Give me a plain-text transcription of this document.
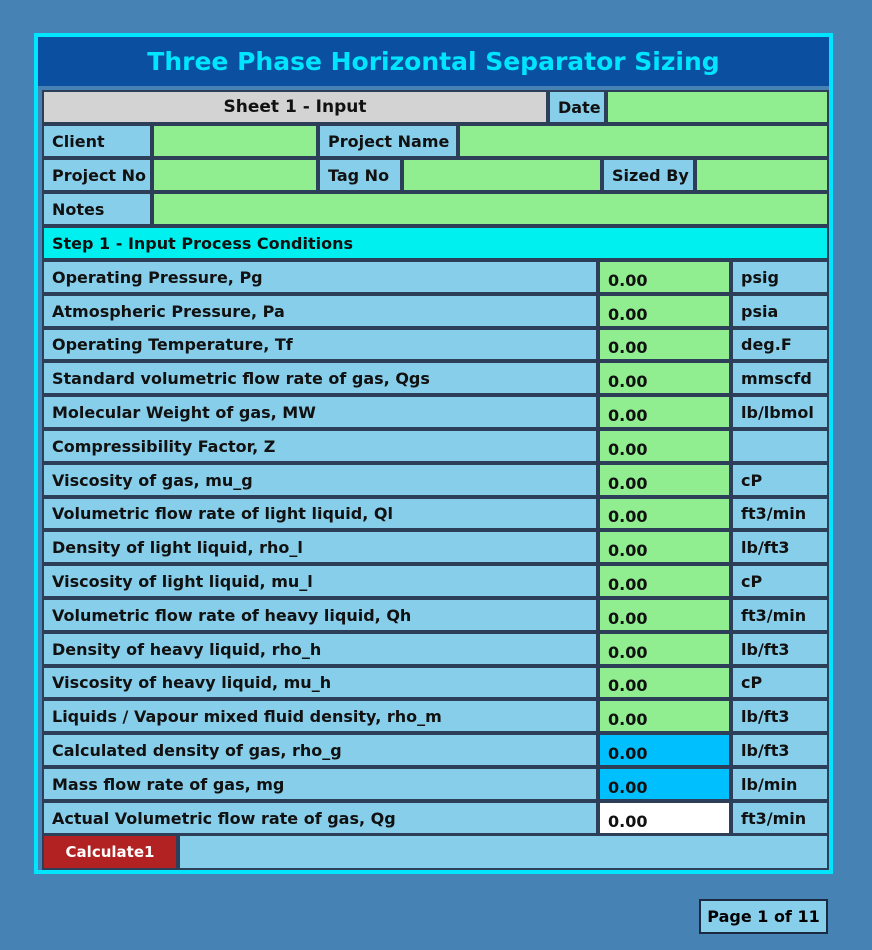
Three Phase Horizontal Separator Sizing
Sheet 1 - Input	Date
Client	Project Name
Project No	Tag No	Sized By
Notes
Step 1 - Input Process Conditions
Operating Pressure, Pg	0.00	psig
Atmospheric Pressure, Pa	0.00	psia
Operating Temperature, Tf	0.00	deg.F
Standard volumetric flow rate of gas, Qgs	0.00	mmscfd
Molecular Weight of gas, MW	0.00	lb/lbmol
Compressibility Factor, Z	0.00
Viscosity of gas, mu_g	0.00	cP
Volumetric flow rate of light liquid, Ql	0.00	ft3/min
Density of light liquid, rho_l	0.00	lb/ft3
Viscosity of light liquid, mu_l	0.00	cP
Volumetric flow rate of heavy liquid, Qh	0.00	ft3/min
Density of heavy liquid, rho_h	0.00	lb/ft3
Viscosity of heavy liquid, mu_h	0.00	cP
Liquids / Vapour mixed fluid density, rho_m	0.00	lb/ft3
Calculated density of gas, rho_g	0.00	lb/ft3
Mass flow rate of gas, mg	0.00	lb/min
Actual Volumetric flow rate of gas, Qg	0.00	ft3/min
Calculate1
Page 1 of 11
